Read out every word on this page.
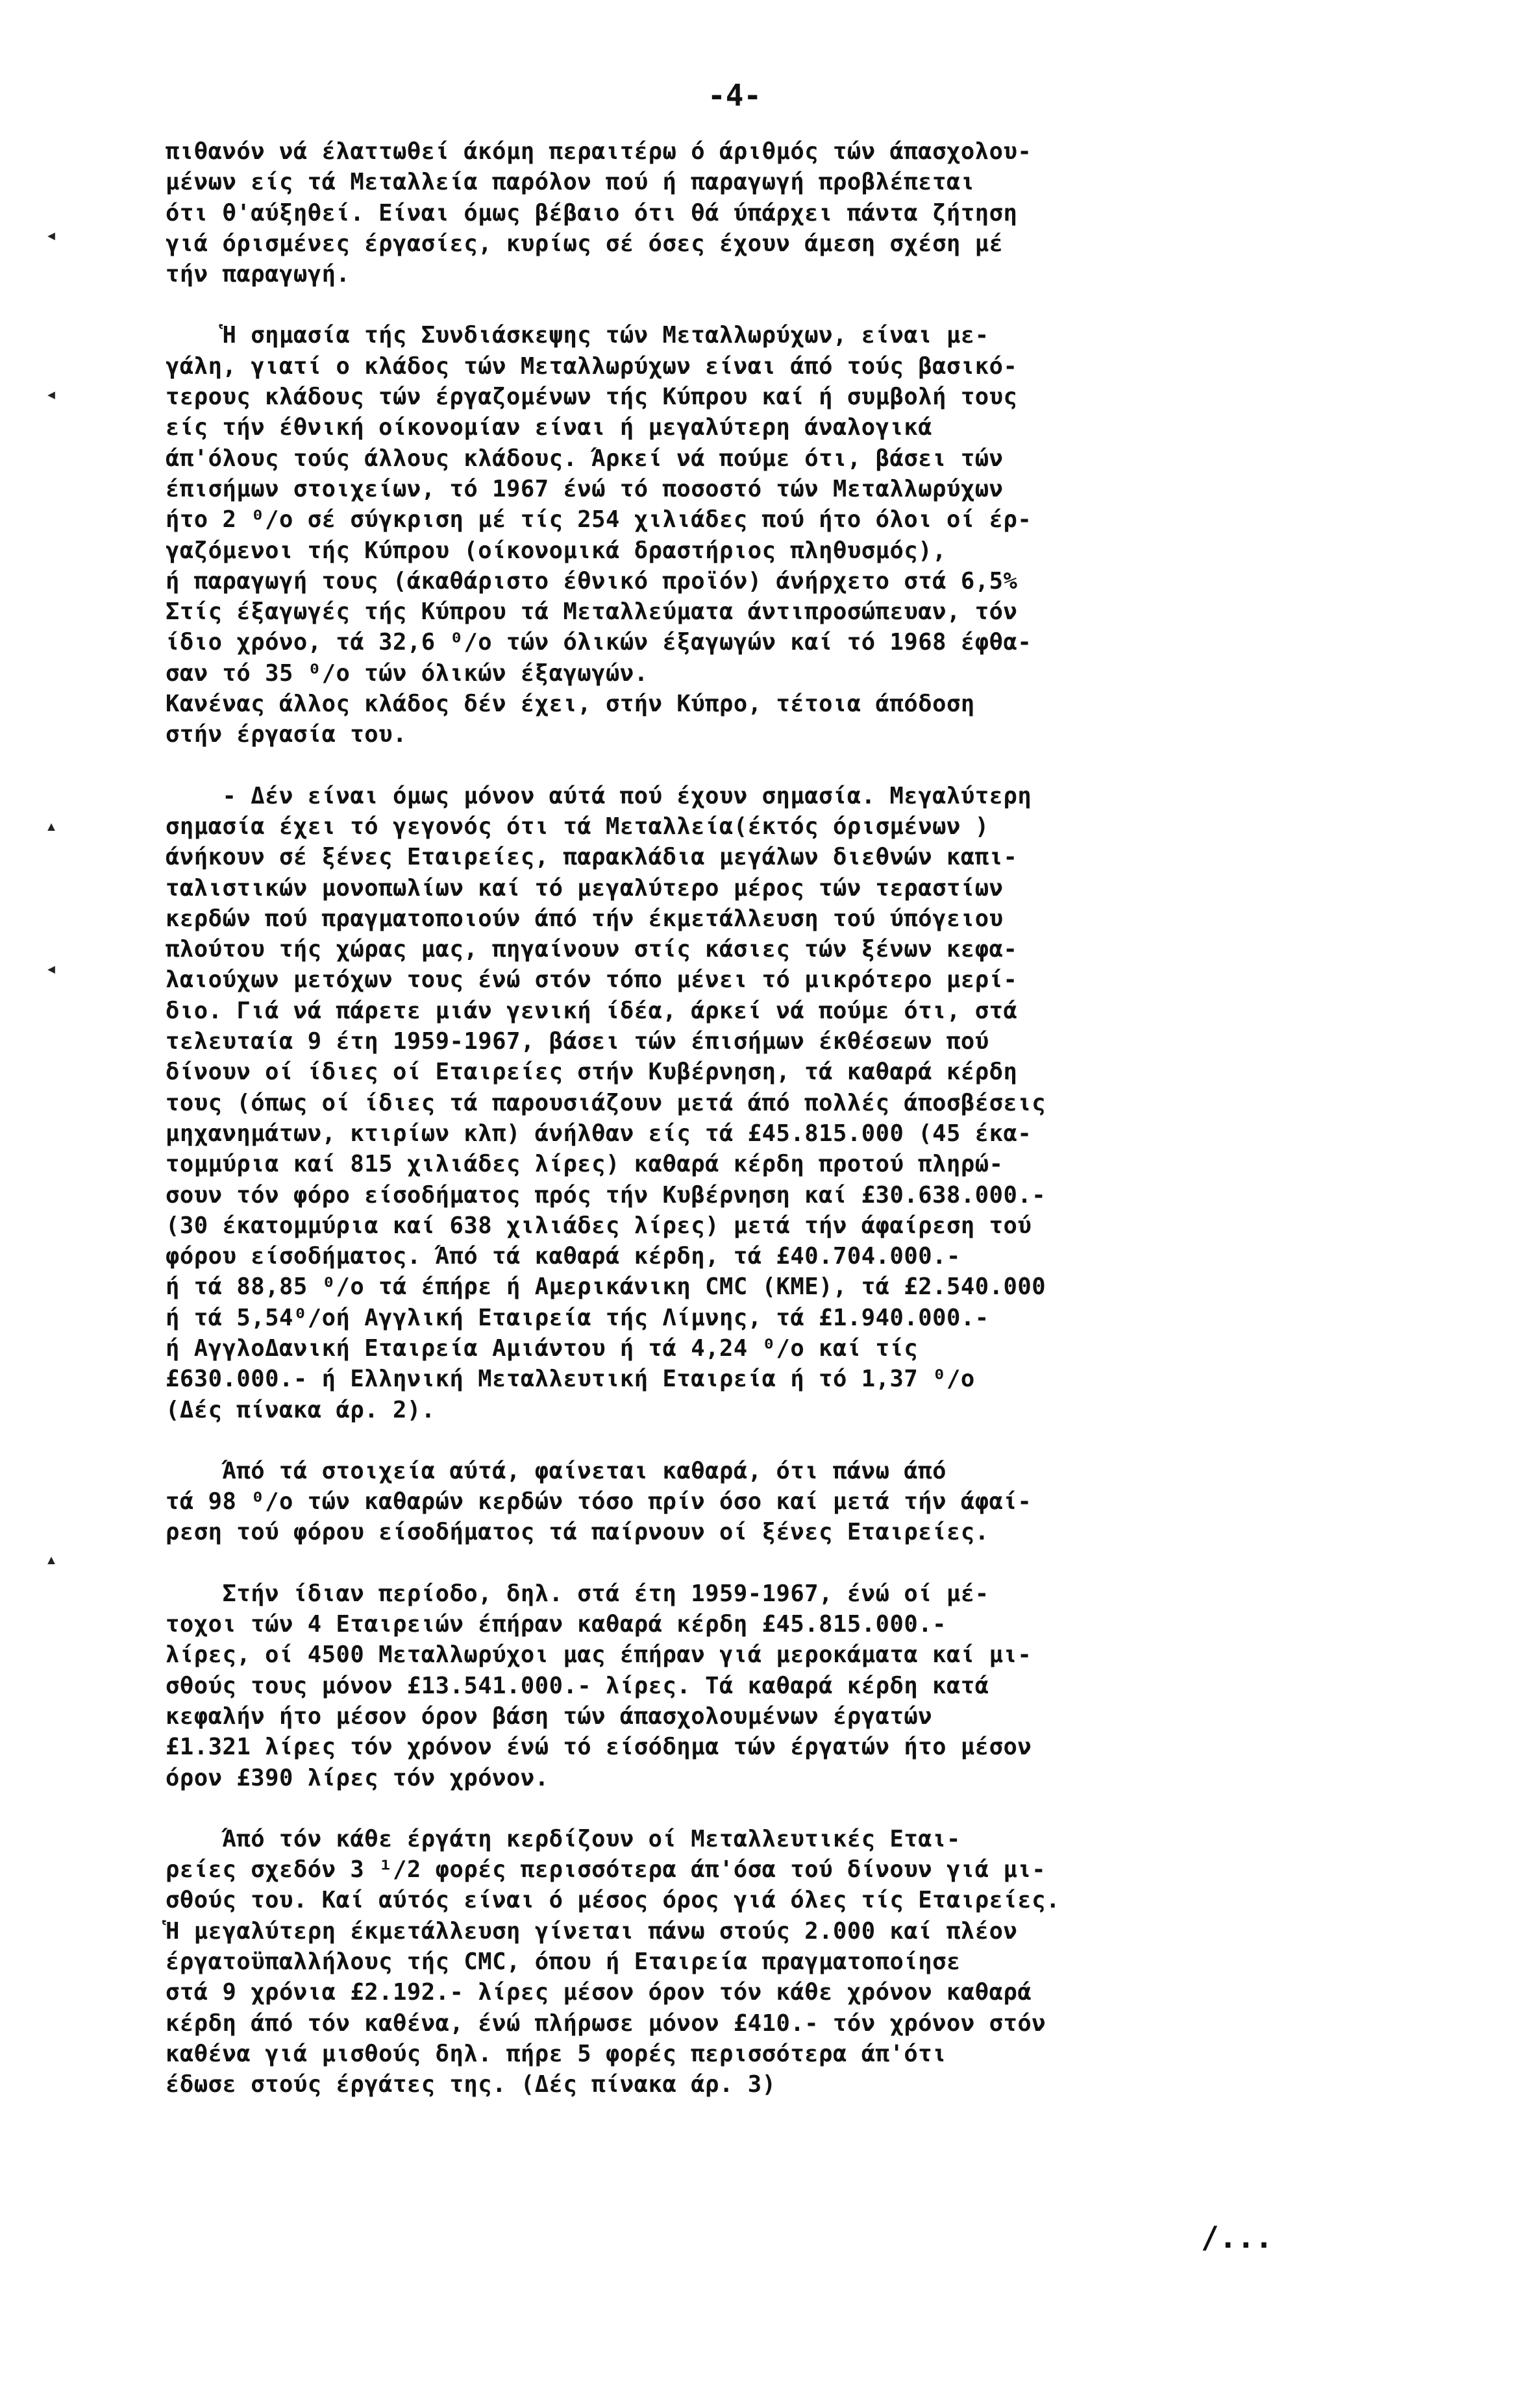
-4-
◂
◂
▴
◂
▴
πιθανόν νά έλαττωθεί άκόμη περαιτέρω ό άριθμός τών άπασχολου-
μένων είς τά Μεταλλεία παρόλον πού ή παραγωγή προβλέπεται
ότι θ'αύξηθεί. Είναι όμως βέβαιο ότι θά ύπάρχει πάντα ζήτηση
γιά όρισμένες έργασίες, κυρίως σέ όσες έχουν άμεση σχέση μέ
τήν παραγωγή.
Ἡ σημασία τής Συνδιάσκεψης τών Μεταλλωρύχων, είναι με-
γάλη, γιατί ο κλάδος τών Μεταλλωρύχων είναι άπό τούς βασικό-
τερους κλάδους τών έργαζομένων τής Κύπρου καί ή συμβολή τους
είς τήν έθνική οίκονομίαν είναι ή μεγαλύτερη άναλογικά
άπ'όλους τούς άλλους κλάδους. Άρκεί νά πούμε ότι, βάσει τών
έπισήμων στοιχείων, τό 1967 ένώ τό ποσοστό τών Μεταλλωρύχων
ήτο 2 ⁰/o σέ σύγκριση μέ τίς 254 χιλιάδες πού ήτο όλοι οί έρ-
γαζόμενοι τής Κύπρου (οίκονομικά δραστήριος πληθυσμός),
ή παραγωγή τους (άκαθάριστο έθνικό προϊόν) άνήρχετο στά 6,5%
Στίς έξαγωγές τής Κύπρου τά Μεταλλεύματα άντιπροσώπευαν, τόν
ίδιο χρόνο, τά 32,6 ⁰/o τών όλικών έξαγωγών καί τό 1968 έφθα-
σαν τό 35 ⁰/o τών όλικών έξαγωγών.
Κανένας άλλος κλάδος δέν έχει, στήν Κύπρο, τέτοια άπόδοση
στήν έργασία του.
- Δέν είναι όμως μόνον αύτά πού έχουν σημασία. Μεγαλύτερη
σημασία έχει τό γεγονός ότι τά Μεταλλεία(έκτός όρισμένων )
άνήκουν σέ ξένες Εταιρείες, παρακλάδια μεγάλων διεθνών καπι-
ταλιστικών μονοπωλίων καί τό μεγαλύτερο μέρος τών τεραστίων
κερδών πού πραγματοποιούν άπό τήν έκμετάλλευση τού ύπόγειου
πλούτου τής χώρας μας, πηγαίνουν στίς κάσιες τών ξένων κεφα-
λαιούχων μετόχων τους ένώ στόν τόπο μένει τό μικρότερο μερί-
διο. Γιά νά πάρετε μιάν γενική ίδέα, άρκεί νά πούμε ότι, στά
τελευταία 9 έτη 1959-1967, βάσει τών έπισήμων έκθέσεων πού
δίνουν οί ίδιες οί Εταιρείες στήν Κυβέρνηση, τά καθαρά κέρδη
τους (όπως οί ίδιες τά παρουσιάζουν μετά άπό πολλές άποσβέσεις
μηχανημάτων, κτιρίων κλπ) άνήλθαν είς τά £45.815.000 (45 έκα-
τομμύρια καί 815 χιλιάδες λίρες) καθαρά κέρδη προτού πληρώ-
σουν τόν φόρο είσοδήματος πρός τήν Κυβέρνηση καί £30.638.000.-
(30 έκατομμύρια καί 638 χιλιάδες λίρες) μετά τήν άφαίρεση τού
φόρου είσοδήματος. Άπό τά καθαρά κέρδη, τά £40.704.000.-
ή τά 88,85 ⁰/o τά έπήρε ή Αμερικάνικη CMC (KME), τά £2.540.000
ή τά 5,54⁰/oή Αγγλική Εταιρεία τής Λίμνης, τά £1.940.000.-
ή ΑγγλοΔανική Εταιρεία Αμιάντου ή τά 4,24 ⁰/o καί τίς
£630.000.- ή Ελληνική Μεταλλευτική Εταιρεία ή τό 1,37 ⁰/o
(Δές πίνακα άρ. 2).
Άπό τά στοιχεία αύτά, φαίνεται καθαρά, ότι πάνω άπό
τά 98 ⁰/o τών καθαρών κερδών τόσο πρίν όσο καί μετά τήν άφαί-
ρεση τού φόρου είσοδήματος τά παίρνουν οί ξένες Εταιρείες.
Στήν ίδιαν περίοδο, δηλ. στά έτη 1959-1967, ένώ οί μέ-
τοχοι τών 4 Εταιρειών έπήραν καθαρά κέρδη £45.815.000.-
λίρες, οί 4500 Μεταλλωρύχοι μας έπήραν γιά μεροκάματα καί μι-
σθούς τους μόνον £13.541.000.- λίρες. Τά καθαρά κέρδη κατά
κεφαλήν ήτο μέσον όρον βάση τών άπασχολουμένων έργατών
£1.321 λίρες τόν χρόνον ένώ τό είσόδημα τών έργατών ήτο μέσον
όρον £390 λίρες τόν χρόνον.
Άπό τόν κάθε έργάτη κερδίζουν οί Μεταλλευτικές Εται-
ρείες σχεδόν 3 ¹/2 φορές περισσότερα άπ'όσα τού δίνουν γιά μι-
σθούς του. Καί αύτός είναι ό μέσος όρος γιά όλες τίς Εταιρείες.
Ἡ μεγαλύτερη έκμετάλλευση γίνεται πάνω στούς 2.000 καί πλέον
έργατοϋπαλλήλους τής CMC, όπου ή Εταιρεία πραγματοποίησε
στά 9 χρόνια £2.192.- λίρες μέσον όρον τόν κάθε χρόνον καθαρά
κέρδη άπό τόν καθένα, ένώ πλήρωσε μόνον £410.- τόν χρόνον στόν
καθένα γιά μισθούς δηλ. πήρε 5 φορές περισσότερα άπ'ότι
έδωσε στούς έργάτες της. (Δές πίνακα άρ. 3)
/...
